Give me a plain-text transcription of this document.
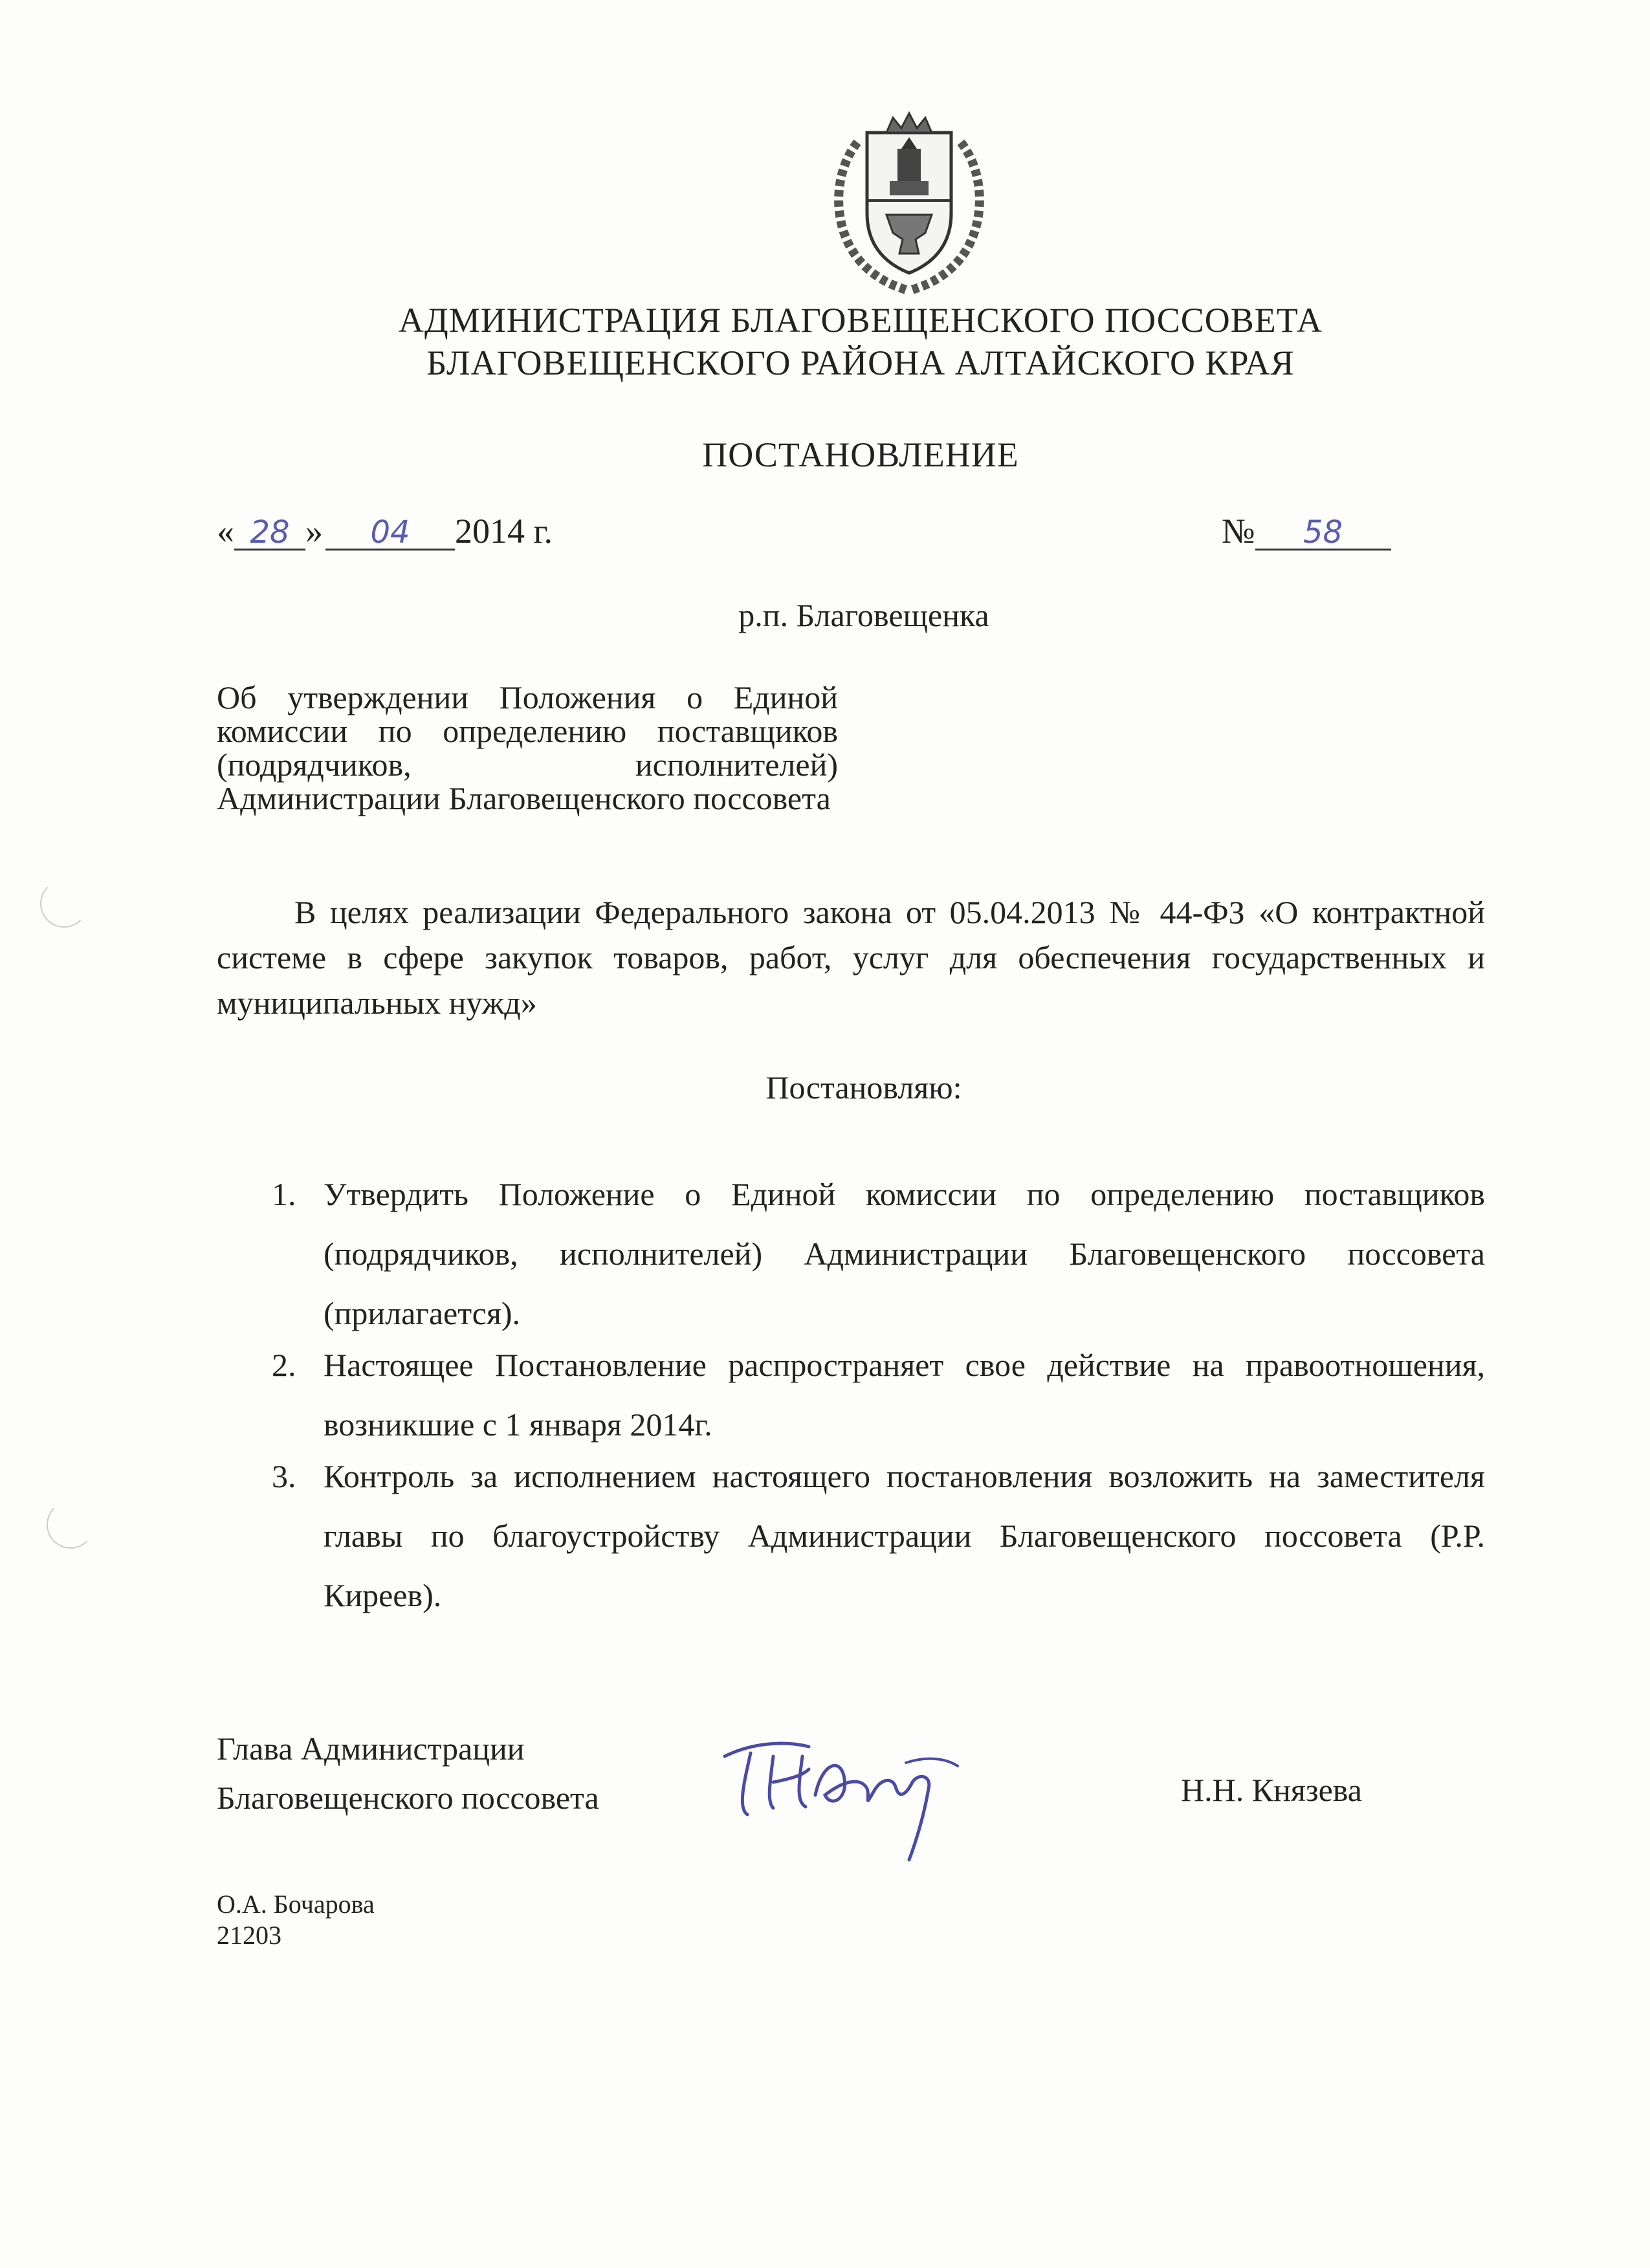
АДМИНИСТРАЦИЯ БЛАГОВЕЩЕНСКОГО ПОССОВЕТА
БЛАГОВЕЩЕНСКОГО РАЙОНА АЛТАЙСКОГО КРАЯ
ПОСТАНОВЛЕНИЕ
« 28 » 04 2014 г.	№ 58
р.п. Благовещенка
Об утверждении Положения о Единой комиссии по определению поставщиков (подрядчиков, исполнителей) Администрации Благовещенского поссовета
В целях реализации Федерального закона от 05.04.2013 № 44-ФЗ «О контрактной системе в сфере закупок товаров, работ, услуг для обеспечения государственных и муниципальных нужд»
Постановляю:
1. Утвердить Положение о Единой комиссии по определению поставщиков (подрядчиков, исполнителей) Администрации Благовещенского поссовета (прилагается).
2. Настоящее Постановление распространяет свое действие на правоотношения, возникшие с 1 января 2014г.
3. Контроль за исполнением настоящего постановления возложить на заместителя главы по благоустройству Администрации Благовещенского поссовета (Р.Р. Киреев).
Глава Администрации
Благовещенского поссовета	Н.Н. Князева
О.А. Бочарова
21203
